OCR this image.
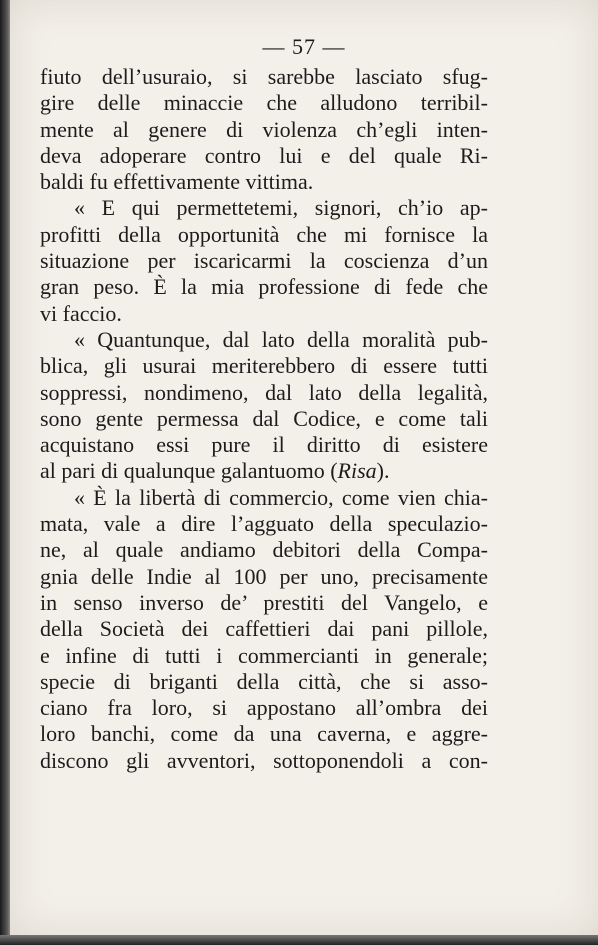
— 57 —
fiuto dell’usuraio, si sarebbe lasciato sfug-
gire delle minaccie che alludono terribil-
mente al genere di violenza ch’egli inten-
deva adoperare contro lui e del quale Ri-
baldi fu effettivamente vittima.
« E qui permettetemi, signori, ch’io ap-
profitti della opportunità che mi fornisce la
situazione per iscaricarmi la coscienza d’un
gran peso. È la mia professione di fede che
vi faccio.
« Quantunque, dal lato della moralità pub-
blica, gli usurai meriterebbero di essere tutti
soppressi, nondimeno, dal lato della legalità,
sono gente permessa dal Codice, e come tali
acquistano essi pure il diritto di esistere
al pari di qualunque galantuomo (Risa).
« È la libertà di commercio, come vien chia-
mata, vale a dire l’agguato della speculazio-
ne, al quale andiamo debitori della Compa-
gnia delle Indie al 100 per uno, precisamente
in senso inverso de’ prestiti del Vangelo, e
della Società dei caffettieri dai pani pillole,
e infine di tutti i commercianti in generale;
specie di briganti della città, che si asso-
ciano fra loro, si appostano all’ombra dei
loro banchi, come da una caverna, e aggre-
discono gli avventori, sottoponendoli a con-
